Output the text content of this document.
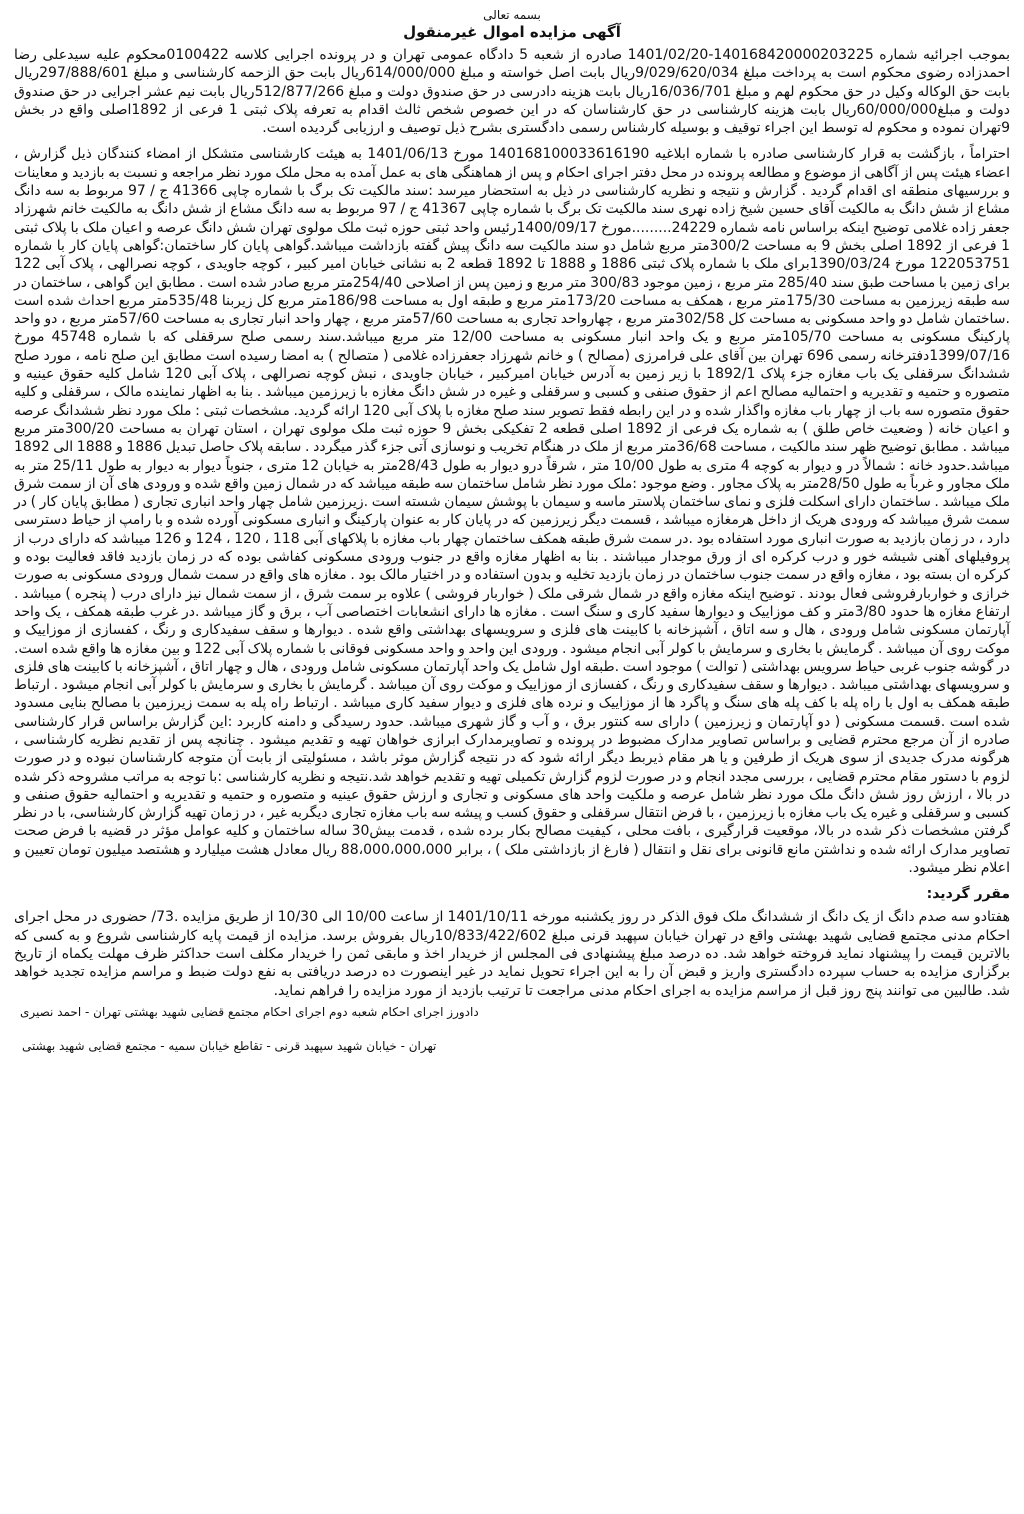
بسمه تعالی
آگهی مزایده اموال غیرمنقول

بموجب اجرائیه شماره 140168420000203225-1401/02/20 صادره از شعبه 5 دادگاه عمومی تهران و در پرونده اجرایی کلاسه 0100422محکوم علیه سیدعلی رضا احمدزاده رضوی محکوم است به پرداخت مبلغ 9/029/620/034ریال بابت اصل خواسته و مبلغ 614/000/000ریال بابت حق الزحمه کارشناسی و مبلغ 297/888/601ریال بابت حق الوکاله وکیل در حق محکوم لهم و مبلغ 16/036/701ریال بابت هزینه دادرسی در حق صندوق دولت و مبلغ 512/877/266ریال بابت نیم عشر اجرایی در حق صندوق دولت و مبلغ60/000/000ریال بابت هزینه کارشناسی در حق کارشناسان که در این خصوص شخص ثالث اقدام به تعرفه پلاک ثبتی 1 فرعی از 1892اصلی واقع در بخش 9تهران نموده و محکوم له توسط این اجراء توقیف و بوسیله کارشناس رسمی دادگستری بشرح ذیل توصیف و ارزیابی گردیده است.

احتراماً ، بازگشت به قرار کارشناسی صادره با شماره ابلاغیه 140168100033616190 مورخ 1401/06/13 به هیئت کارشناسی متشکل از امضاء کنندگان ذیل گزارش ، اعضاء هیئت پس از آگاهی از موضوع و مطالعه پرونده در محل دفتر اجرای احکام و پس از هماهنگی های به عمل آمده به محل ملک مورد نظر مراجعه و نسبت به بازدید و معاینات و بررسیهای منطقه ای اقدام گردید . گزارش و نتیجه و نظریه کارشناسی در ذیل به استحضار میرسد :سند مالکیت تک برگ با شماره چاپی 41366 ج / 97 مربوط به سه دانگ مشاع از شش دانگ به مالکیت آقای حسین شیخ زاده نهری سند مالکیت تک برگ با شماره چاپی 41367 ج / 97 مربوط به سه دانگ مشاع از شش دانگ به مالکیت خانم شهرزاد جعفر زاده غلامی توضیح اینکه براساس نامه شماره 24229.........مورخ 1400/09/17رئیس واحد ثبتی حوزه ثبت ملک مولوی تهران شش دانگ عرصه و اعیان ملک با پلاک ثبتی 1 فرعی از 1892 اصلی بخش 9 به مساحت 300/2متر مربع شامل دو سند مالکیت سه دانگ پیش گفته بازداشت میباشد.گواهی پایان کار ساختمان:گواهی پایان کار با شماره 122053751 مورخ 1390/03/24برای ملک با شماره پلاک ثبتی 1886 و 1888 تا 1892 قطعه 2 به نشانی خیابان امیر کبیر ، کوچه جاویدی ، کوچه نصرالهی ، پلاک آبی 122 برای زمین با مساحت طبق سند 285/40 متر مربع ، زمین موجود 300/83 متر مربع و زمین پس از اصلاحی 254/40متر مربع صادر شده است . مطابق این گواهی ، ساختمان در سه طبقه زیرزمین به مساحت 175/30متر مربع ، همکف به مساحت 173/20متر مربع و طبقه اول به مساحت 186/98متر مربع کل زیربنا 535/48متر مربع احداث شده است .ساختمان شامل دو واحد مسکونی به مساحت کل 302/58متر مربع ، چهارواحد تجاری به مساحت 57/60متر مربع ، چهار واحد انبار تجاری به مساحت 57/60متر مربع ، دو واحد پارکینگ مسکونی به مساحت 105/70متر مربع و یک واحد انبار مسکونی به مساحت 12/00 متر مربع میباشد.سند رسمی صلح سرقفلی که با شماره 45748 مورخ 1399/07/16دفترخانه رسمی 696 تهران بین آقای علی فرامرزی (مصالح ) و خانم شهرزاد جعفرزاده غلامی ( متصالح ) به امضا رسیده است مطابق این صلح نامه ، مورد صلح ششدانگ سرقفلی یک باب مغازه جزء پلاک 1892/1 با زیر زمین به آدرس خیابان امیرکبیر ، خیابان جاویدی ، نبش کوچه نصرالهی ، پلاک آبی 120 شامل کلیه حقوق عینیه و متصوره و حتمیه و تقدیریه و احتمالیه مصالح اعم از حقوق صنفی و کسبی و سرقفلی و غیره در شش دانگ مغازه با زیرزمین میباشد . بنا به اظهار نماینده مالک ، سرقفلی و کلیه حقوق متصوره سه باب از چهار باب مغازه واگذار شده و در این رابطه فقط تصویر سند صلح مغازه با پلاک آبی 120 ارائه گردید. مشخصات ثبتی : ملک مورد نظر ششدانگ عرصه و اعیان خانه ( وضعیت خاص طلق ) به شماره یک فرعی از 1892 اصلی قطعه 2 تفکیکی بخش 9 حوزه ثبت ملک مولوی تهران ، استان تهران به مساحت 300/20متر مربع میباشد . مطابق توضیح ظهر سند مالکیت ، مساحت 36/68متر مربع از ملک در هنگام تخریب و نوسازی آتی جزء گذر میگردد . سابقه پلاک حاصل تبدیل 1886 و 1888 الی 1892 میباشد.حدود خانه : شمالاً در و دیوار به کوچه 4 متری به طول 10/00 متر ، شرقاً درو دیوار به طول 28/43متر به خیابان 12 متری ، جنوباً دیوار به دیوار به طول 25/11 متر به ملک مجاور و غرباً به طول 28/50متر به پلاک مجاور . وضع موجود :ملک مورد نظر شامل ساختمان سه طبقه میباشد که در شمال زمین واقع شده و ورودی های آن از سمت شرق ملک میباشد . ساختمان دارای اسکلت فلزی و نمای ساختمان پلاستر ماسه و سیمان با پوشش سیمان شسته است .زیرزمین شامل چهار واحد انباری تجاری ( مطابق پایان کار ) در سمت شرق میباشد که ورودی هریک از داخل هرمغازه میباشد ، قسمت دیگر زیرزمین که در پایان کار به عنوان پارکینگ و انباری مسکونی آورده شده و با رامپ از حیاط دسترسی دارد ، در زمان بازدید به صورت انباری مورد استفاده بود .در سمت شرق طبقه همکف ساختمان چهار باب مغازه با پلاکهای آبی 118 ، 120 ، 124 و 126 میباشد که دارای درب از پروفیلهای آهنی شیشه خور و درب کرکره ای از ورق موجدار میباشند . بنا به اظهار مغازه واقع در جنوب ورودی مسکونی کفاشی بوده که در زمان بازدید فاقد فعالیت بوده و کرکره ان بسته بود ، مغازه واقع در سمت جنوب ساختمان در زمان بازدید تخلیه و بدون استفاده و در اختیار مالک بود . مغازه های واقع در سمت شمال ورودی مسکونی به صورت خرازی و خواربارفروشی فعال بودند . توضیح اینکه مغازه واقع در شمال شرقی ملک ( خواربار فروشی ) علاوه بر سمت شرق ، از سمت شمال نیز دارای درب ( پنجره ) میباشد . ارتفاع مغازه ها حدود 3/80متر و کف موزاییک و دیوارها سفید کاری و سنگ است . مغازه ها دارای انشعابات اختصاصی آب ، برق و گاز میباشد .در غرب طبقه همکف ، یک واحد آپارتمان مسکونی شامل ورودی ، هال و سه اتاق ، آشپزخانه با کابینت های فلزی و سرویسهای بهداشتی واقع شده . دیوارها و سقف سفیدکاری و رنگ ، کفسازی از موزاییک و موکت روی آن میباشد . گرمایش با بخاری و سرمایش با کولر آبی انجام میشود . ورودی این واحد و واحد مسکونی فوقانی با شماره پلاک آبی 122 و بین مغازه ها واقع شده است. در گوشه جنوب غربی حیاط سرویس بهداشتی ( توالت ) موجود است .طبقه اول شامل یک واحد آپارتمان مسکونی شامل ورودی ، هال و چهار اتاق ، آشپزخانه با کابینت های فلزی و سرویسهای بهداشتی میباشد . دیوارها و سقف سفیدکاری و رنگ ، کفسازی از موزاییک و موکت روی آن میباشد . گرمایش با بخاری و سرمایش با کولر آبی انجام میشود . ارتباط طبقه همکف به اول با راه پله با کف پله های سنگ و پاگرد ها از موزاییک و نرده های فلزی و دیوار سفید کاری میباشد . ارتباط راه پله به سمت زیرزمین با مصالح بنایی مسدود شده است .قسمت مسکونی ( دو آپارتمان و زیرزمین ) دارای سه کنتور برق ، و آب و گاز شهری میباشد. حدود رسیدگی و دامنه کاربرد :این گزارش براساس قرار کارشناسی صادره از آن مرجع محترم قضایی و براساس تصاویر مدارک مضبوط در پرونده و تصاویرمدارک ابرازی خواهان تهیه و تقدیم میشود . چنانچه پس از تقدیم نظریه کارشناسی ، هرگونه مدرک جدیدی از سوی هریک از طرفین و یا هر مقام ذیربط دیگر ارائه شود که در نتیجه گزارش موثر باشد ، مسئولیتی از بابت آن متوجه کارشناسان نبوده و در صورت لزوم با دستور مقام محترم قضایی ، بررسی مجدد انجام و در صورت لزوم گزارش تکمیلی تهیه و تقدیم خواهد شد.نتیجه و نظریه کارشناسی :با توجه به مراتب مشروحه ذکر شده در بالا ، ارزش روز شش دانگ ملک مورد نظر شامل عرصه و ملکیت واحد های مسکونی و تجاری و ارزش حقوق عینیه و متصوره و حتمیه و تقدیریه و احتمالیه حقوق صنفی و کسبی و سرقفلی و غیره یک باب مغازه با زیرزمین ، با فرض انتقال سرقفلی و حقوق کسب و پیشه سه باب مغازه تجاری دیگربه غیر ، در زمان تهیه گزارش کارشناسی، با در نظر گرفتن مشخصات ذکر شده در بالا، موقعیت قرارگیری ، بافت محلی ، کیفیت مصالح بکار برده شده ، قدمت بیش30 ساله ساختمان و کلیه عوامل مؤثر در قضیه با فرض صحت تصاویر مدارک ارائه شده و نداشتن مانع قانونی برای نقل و انتقال ( فارغ از بازداشتی ملک ) ، برابر 88،000،000،000 ریال معادل هشت میلیارد و هشتصد میلیون تومان تعیین و اعلام نظر میشود.

مقرر گردید:

هفتادو سه صدم دانگ از یک دانگ از ششدانگ ملک فوق الذکر در روز یکشنبه مورخه 1401/10/11 از ساعت 10/00 الی 10/30 از طریق مزایده .73/ حضوری در محل اجرای احکام مدنی مجتمع قضایی شهید بهشتی واقع در تهران خیابان سپهبد قرنی مبلغ 10/833/422/602ریال بفروش برسد. مزایده از قیمت پایه کارشناسی شروع و به کسی که بالاترین قیمت را پیشنهاد نماید فروخته خواهد شد. ده درصد مبلغ پیشنهادی فی المجلس از خریدار اخذ و مابقی ثمن را خریدار مکلف است حداکثر ظرف مهلت یکماه از تاریخ برگزاری مزایده به حساب سپرده دادگستری واریز و قبض آن را به این اجراء تحویل نماید در غیر اینصورت ده درصد دریافتی به نفع دولت ضبط و مراسم مزایده تجدید خواهد شد. طالبین می توانند پنج روز قبل از مراسم مزایده به اجرای احکام مدنی مراجعت تا ترتیب بازدید از مورد مزایده را فراهم نماید.

دادورز اجرای احکام شعبه دوم اجرای احکام مجتمع قضایی شهید بهشتی تهران - احمد نصیری
تهران - خیابان شهید سپهبد قرنی - تقاطع خیابان سمیه - مجتمع قضایی شهید بهشتی
